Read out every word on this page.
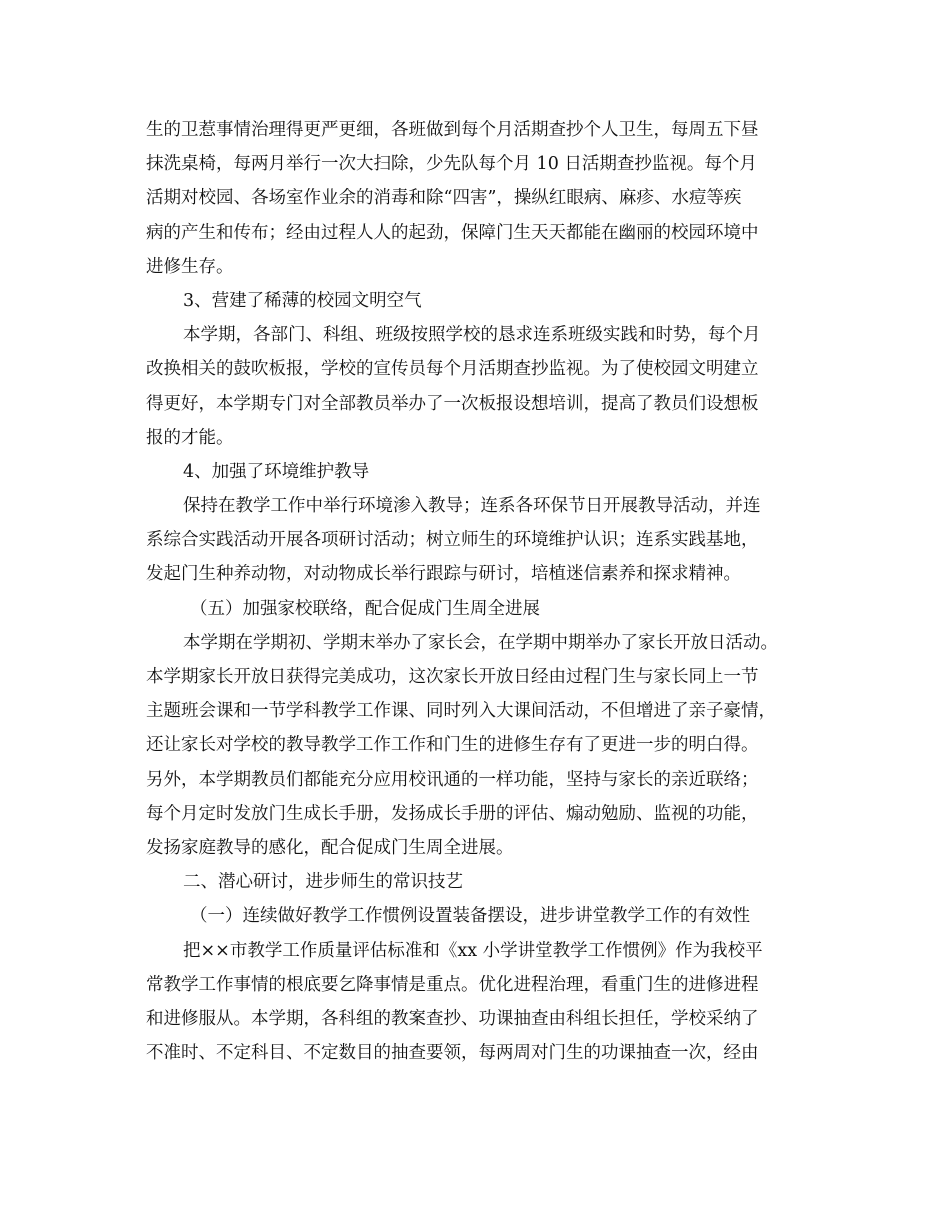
生的卫惹事情治理得更严更细，各班做到每个月活期查抄个人卫生，每周五下昼

抹洗桌椅，每两月举行一次大扫除，少先队每个月 10 日活期查抄监视。每个月

活期对校园、各场室作业余的消毒和除“四害”，操纵红眼病、麻疹、水痘等疾

病的产生和传布；经由过程人人的起劲，保障门生天天都能在幽丽的校园环境中

进修生存。

3、营建了稀薄的校园文明空气

本学期，各部门、科组、班级按照学校的恳求连系班级实践和时势，每个月

改换相关的鼓吹板报，学校的宣传员每个月活期查抄监视。为了使校园文明建立

得更好，本学期专门对全部教员举办了一次板报设想培训，提高了教员们设想板

报的才能。

4、加强了环境维护教导

保持在教学工作中举行环境渗入教导；连系各环保节日开展教导活动，并连

系综合实践活动开展各项研讨活动；树立师生的环境维护认识；连系实践基地，

发起门生种养动物，对动物成长举行跟踪与研讨，培植迷信素养和探求精神。

（五）加强家校联络，配合促成门生周全进展

本学期在学期初、学期末举办了家长会，在学期中期举办了家长开放日活动。

本学期家长开放日获得完美成功，这次家长开放日经由过程门生与家长同上一节

主题班会课和一节学科教学工作课、同时列入大课间活动，不但增进了亲子豪情，

还让家长对学校的教导教学工作工作和门生的进修生存有了更进一步的明白得。

另外，本学期教员们都能充分应用校讯通的一样功能，坚持与家长的亲近联络；

每个月定时发放门生成长手册，发扬成长手册的评估、煽动勉励、监视的功能，

发扬家庭教导的感化，配合促成门生周全进展。

二、潜心研讨，进步师生的常识技艺

（一）连续做好教学工作惯例设置装备摆设，进步讲堂教学工作的有效性

把××市教学工作质量评估标准和《xx 小学讲堂教学工作惯例》作为我校平

常教学工作事情的根底要乞降事情是重点。优化进程治理，看重门生的进修进程

和进修服从。本学期，各科组的教案查抄、功课抽查由科组长担任，学校采纳了

不准时、不定科目、不定数目的抽查要领，每两周对门生的功课抽查一次，经由
